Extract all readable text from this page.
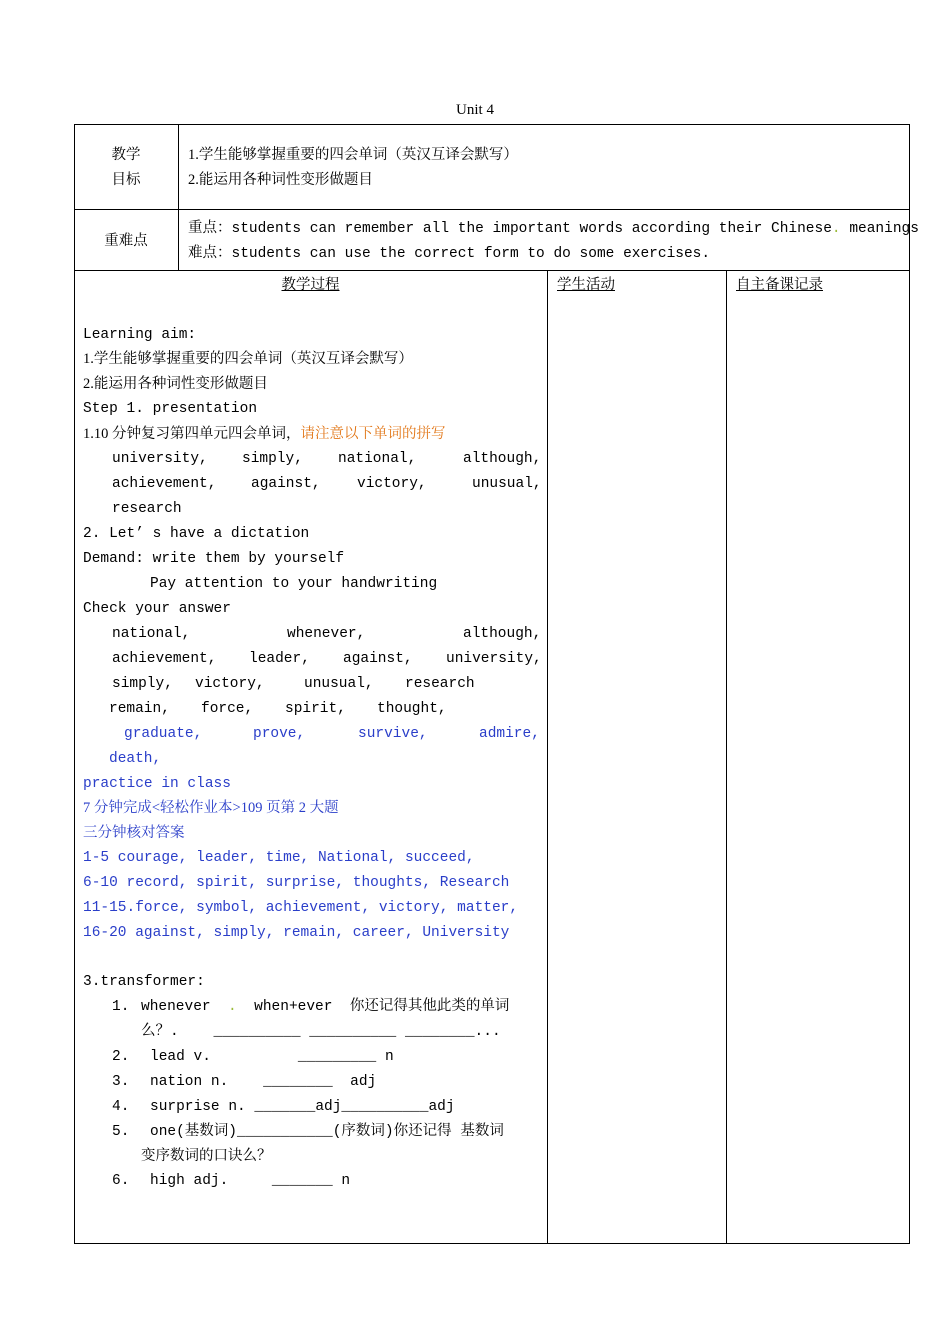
Unit 4
教学
目标
1.学生能够掌握重要的四会单词（英汉互译会默写）
2.能运用各种词性变形做题目
重难点
重点：students can remember all the important words according their Chinese. meanings
难点：students can use the correct form to do some exercises.
教学过程	学生活动	自主备课记录
Learning aim:
1.学生能够掌握重要的四会单词（英汉互译会默写）
2.能运用各种词性变形做题目
Step 1. presentation
1.10 分钟复习第四单元四会单词，请注意以下单词的拼写
university, simply, national,	although,
achievement, against,	victory,	unusual,
research
2. Let’ s have a dictation
Demand: write them by yourself
Pay attention to your handwriting
Check your answer
national,	whenever,	although,
achievement, leader, against, university,
simply, victory,	unusual, research
remain, force, spirit, thought,
graduate,	prove,	survive,	admire,
death,
practice in class
7 分钟完成<轻松作业本>109 页第 2 大题
三分钟核对答案
1-5 courage, leader, time, National, succeed,
6-10 record, spirit, surprise, thoughts, Research
11-15.force, symbol, achievement, victory, matter,
16-20 against, simply, remain, career, University
3.transformer:
1. whenever . when+ever  你还记得其他此类的单词
么？.    __________ __________ ________...
2. lead v.          _________ n
3. nation n.    ________  adj
4. surprise n. _______adj__________adj
5. one(基数词)___________(序数词)你还记得 基数词
变序数词的口诀么？
6. high adj.     _______ n
